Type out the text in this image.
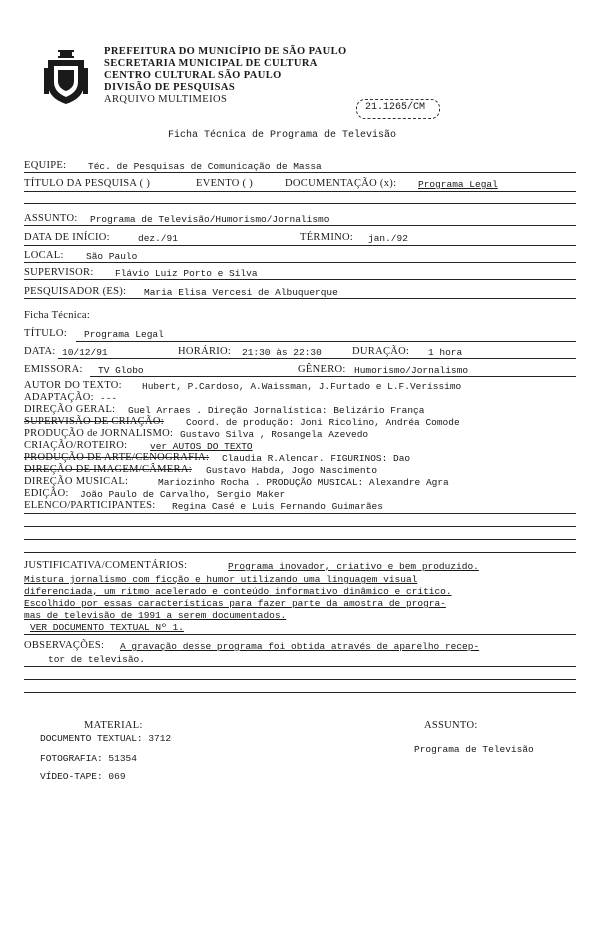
PREFEITURA DO MUNICÍPIO DE SÃO PAULO
SECRETARIA MUNICIPAL DE CULTURA
CENTRO CULTURAL SÃO PAULO
DIVISÃO DE PESQUISAS
ARQUIVO MULTIMEIOS
21.1265/CM
Ficha Técnica de Programa de Televisão
EQUIPE: Téc. de Pesquisas de Comunicação de Massa
TÍTULO DA PESQUISA ( )	EVENTO ( )	DOCUMENTAÇÃO (x): Programa Legal
ASSUNTO: Programa de Televisão/Humorismo/Jornalismo
DATA DE INÍCIO:	dez./91	TÉRMINO: jan./92
LOCAL: São Paulo
SUPERVISOR: Flávio Luiz Porto e Silva
PESQUISADOR (ES): Maria Elisa Vercesi de Albuquerque
Ficha Técnica:
TÍTULO: Programa Legal
DATA: 10/12/91	HORÁRIO: 21:30 às 22:30	DURAÇÃO: 1 hora
EMISSORA: TV Globo	GÊNERO: Humorismo/Jornalismo
AUTOR DO TEXTO: Hubert, P.Cardoso, A.Waissman, J.Furtado e L.F.Veríssimo
ADAPTAÇÃO: ---
DIREÇÃO GERAL: Guel Arraes . Direção Jornalística: Belizário França
SUPERVISÃO DE CRIAÇÃO: Coord. de produção: Joni Ricolino, Andréa Comode
PRODUÇÃO de JORNALISMO: Gustavo Silva , Rosangela Azevedo
CRIAÇÃO/ROTEIRO: ver AUTOS DO TEXTO
PRODUÇÃO DE ARTE/CENOGRAFIA: Claudia R.Alencar. FIGURINOS: Dao
DIREÇÃO DE IMAGEM/CÂMERA: Gustavo Habda, Jogo Nascimento
DIREÇÃO MUSICAL:	Mariozinho Rocha . PRODUÇÃO MUSICAL: Alexandre Agra
EDIÇÃO: João Paulo de Carvalho, Sergio Maker
ELENCO/PARTICIPANTES: Regina Casé e Luis Fernando Guimarães
JUSTIFICATIVA/COMENTÁRIOS:	Programa inovador, criativo e bem produzido.
Mistura jornalismo com ficção e humor utilizando uma linguagem visual
diferenciada, um ritmo acelerado e conteúdo informativo dinâmico e crítico.
Escolhido por essas características para fazer parte da amostra de progra-
mas de televisão de 1991 a serem documentados.
VER DOCUMENTO TEXTUAL Nº 1.
OBSERVAÇÕES: A gravação desse programa foi obtida através de aparelho recep-
tor de televisão.
MATERIAL:
DOCUMENTO TEXTUAL: 3712
FOTOGRAFIA: 51354
VÍDEO-TAPE: 069
ASSUNTO:
Programa de Televisão
